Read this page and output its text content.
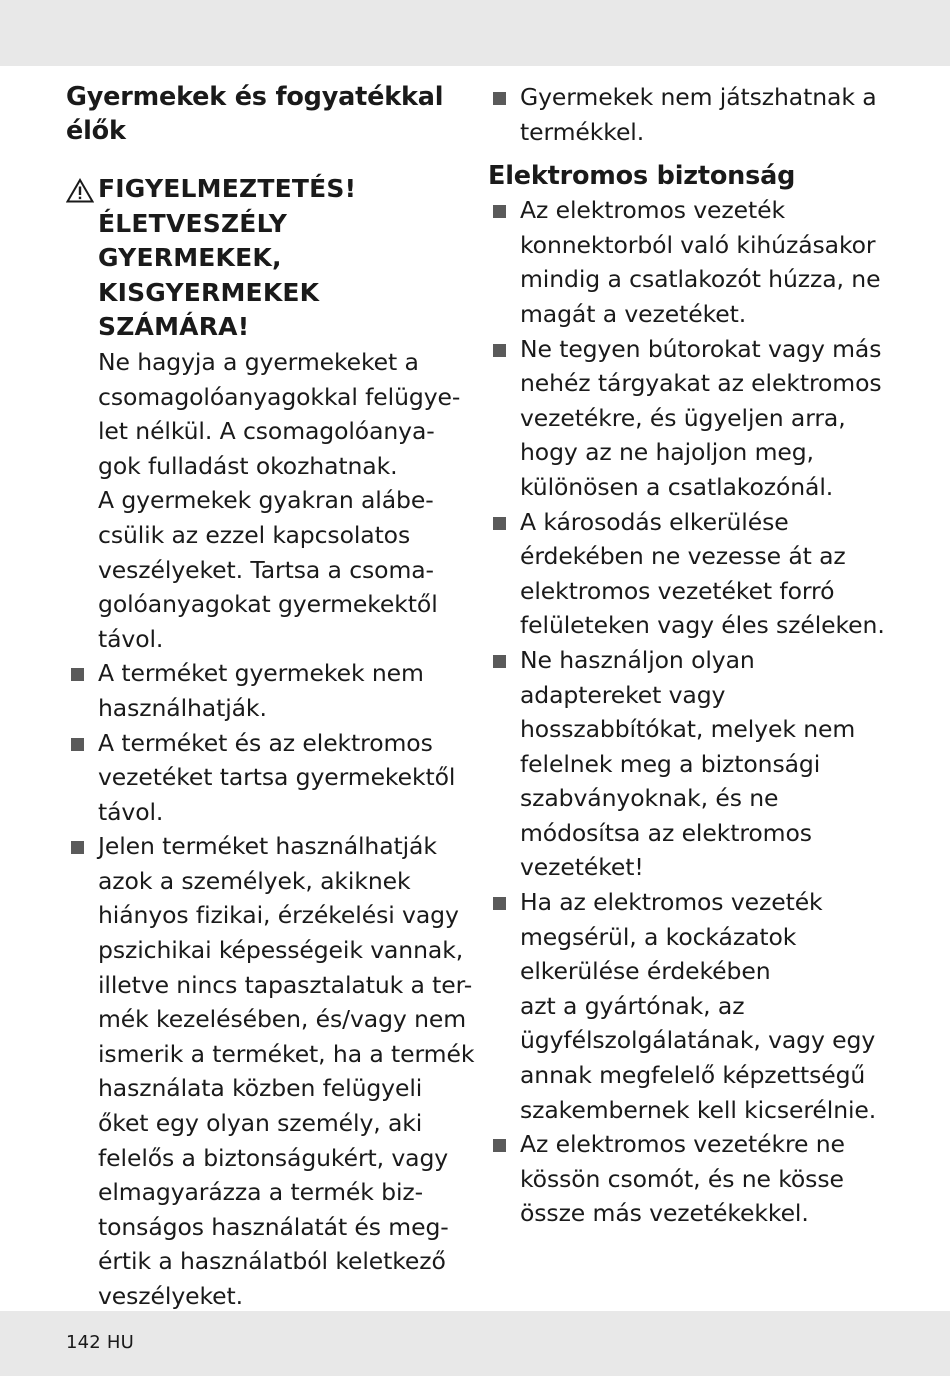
Gyermekek és fogyatékkal
élők
FIGYELMEZTETÉS!
ÉLETVESZÉLY
GYERMEKEK,
KISGYERMEKEK
SZÁMÁRA!
Ne hagyja a gyermekeket a
csomagolóanyagokkal felügye-
let nélkül. A csomagolóanya-
gok fulladást okozhatnak.
A gyermekek gyakran alábe-
csülik az ezzel kapcsolatos
veszélyeket. Tartsa a csoma-
golóanyagokat gyermekektől
távol.
A terméket gyermekek nem
használhatják.
A terméket és az elektromos
vezetéket tartsa gyermekektől
távol.
Jelen terméket használhatják
azok a személyek, akiknek
hiányos fizikai, érzékelési vagy
pszichikai képességeik vannak,
illetve nincs tapasztalatuk a ter-
mék kezelésében, és/vagy nem
ismerik a terméket, ha a termék
használata közben felügyeli
őket egy olyan személy, aki
felelős a biztonságukért, vagy
elmagyarázza a termék biz-
tonságos használatát és meg-
értik a használatból keletkező
veszélyeket.
Gyermekek nem játszhatnak a
termékkel.
Elektromos biztonság
Az elektromos vezeték
konnektorból való kihúzásakor
mindig a csatlakozót húzza, ne
magát a vezetéket.
Ne tegyen bútorokat vagy más
nehéz tárgyakat az elektromos
vezetékre, és ügyeljen arra,
hogy az ne hajoljon meg,
különösen a csatlakozónál.
A károsodás elkerülése
érdekében ne vezesse át az
elektromos vezetéket forró
felületeken vagy éles széleken.
Ne használjon olyan
adaptereket vagy
hosszabbítókat, melyek nem
felelnek meg a biztonsági
szabványoknak, és ne
módosítsa az elektromos
vezetéket!
Ha az elektromos vezeték
megsérül, a kockázatok
elkerülése érdekében
azt a gyártónak, az
ügyfélszolgálatának, vagy egy
annak megfelelő képzettségű
szakembernek kell kicserélnie.
Az elektromos vezetékre ne
kössön csomót, és ne kösse
össze más vezetékekkel.
142 HU
